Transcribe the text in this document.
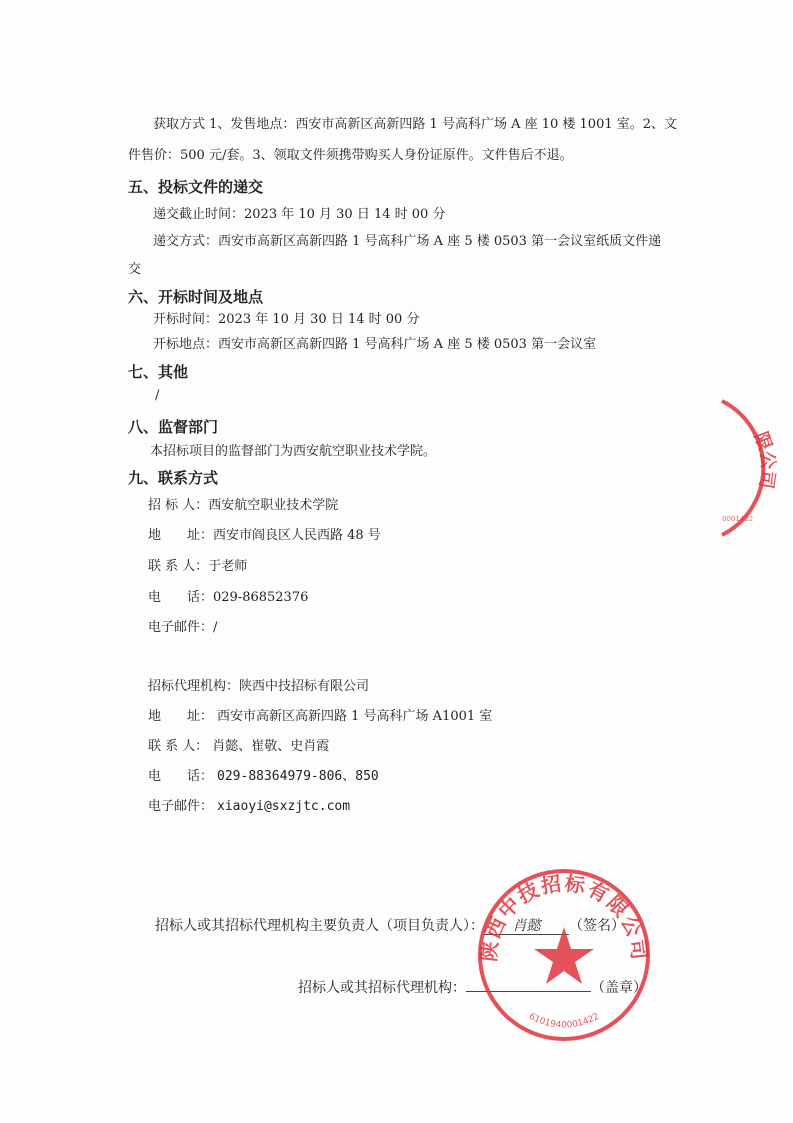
获取方式 1、发售地点：西安市高新区高新四路 1 号高科广场 A 座 10 楼 1001 室。2、文
件售价：500 元/套。3、领取文件须携带购买人身份证原件。文件售后不退。
五、投标文件的递交
递交截止时间：2023 年 10 月 30 日 14 时 00 分
递交方式：西安市高新区高新四路 1 号高科广场 A 座 5 楼 0503 第一会议室纸质文件递
交
六、开标时间及地点
开标时间：2023 年 10 月 30 日 14 时 00 分
开标地点：西安市高新区高新四路 1 号高科广场 A 座 5 楼 0503 第一会议室
七、其他
/
八、监督部门
本招标项目的监督部门为西安航空职业技术学院。
九、联系方式
招 标 人：西安航空职业技术学院
地　　址：西安市阎良区人民西路 48 号
联 系 人：于老师
电　　话：029-86852376
电子邮件：/
招标代理机构：陕西中技招标有限公司
地　　址： 西安市高新区高新四路 1 号高科广场 A1001 室
联 系 人： 肖懿、崔敬、史肖霞
电　　话： 029-88364979-806、850
电子邮件： xiaoyi@sxzjtc.com
招标人或其招标代理机构主要负责人（项目负责人）： 肖懿 （签名）
招标人或其招标代理机构：	（盖章）
陕西中技招标有限公司
6101940001422
限公司
0001422
